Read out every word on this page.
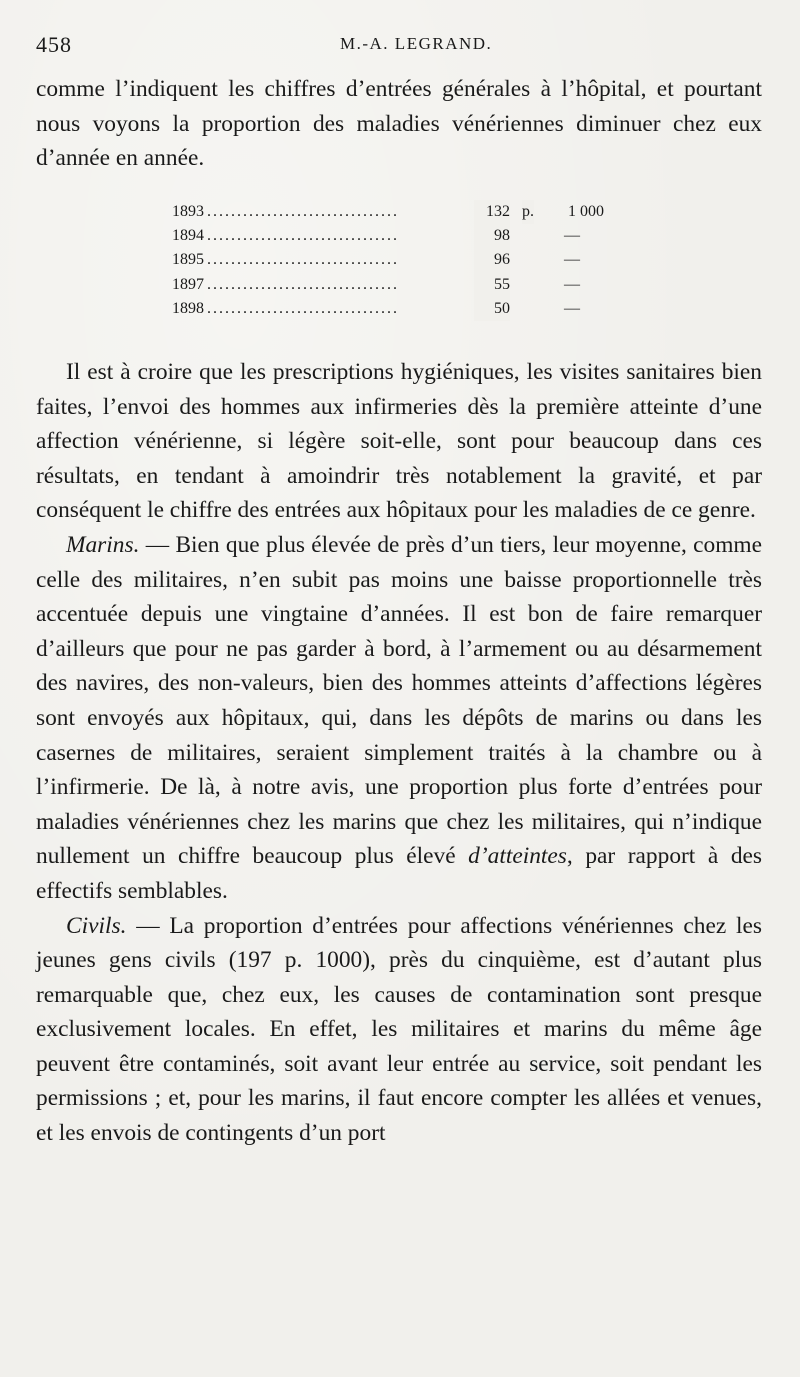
458	M.-A. LEGRAND.

comme l’indiquent les chiffres d’entrées générales à l’hôpital, et pourtant nous voyons la proportion des maladies vénériennes diminuer chez eux d’année en année.

1893 . . .	132 p. 1 000
1894 . . .	98	—
1895 . . .	96	—
1897 . . .	55	—
1898 . . .	50	—

Il est à croire que les prescriptions hygiéniques, les visites sanitaires bien faites, l’envoi des hommes aux infirmeries dès la première atteinte d’une affection vénérienne, si légère soit-elle, sont pour beaucoup dans ces résultats, en tendant à amoindrir très notablement la gravité, et par conséquent le chiffre des entrées aux hôpitaux pour les maladies de ce genre.

Marins. — Bien que plus élevée de près d’un tiers, leur moyenne, comme celle des militaires, n’en subit pas moins une baisse proportionnelle très accentuée depuis une vingtaine d’années. Il est bon de faire remarquer d’ailleurs que pour ne pas garder à bord, à l’armement ou au désarmement des navires, des non-valeurs, bien des hommes atteints d’affections légères sont envoyés aux hôpitaux, qui, dans les dépôts de marins ou dans les casernes de militaires, seraient simplement traités à la chambre ou à l’infirmerie. De là, à notre avis, une proportion plus forte d’entrées pour maladies vénériennes chez les marins que chez les militaires, qui n’indique nullement un chiffre beaucoup plus élevé d’atteintes, par rapport à des effectifs semblables.

Civils. — La proportion d’entrées pour affections vénériennes chez les jeunes gens civils (197 p. 1000), près du cinquième, est d’autant plus remarquable que, chez eux, les causes de contamination sont presque exclusivement locales. En effet, les militaires et marins du même âge peuvent être contaminés, soit avant leur entrée au service, soit pendant les permissions ; et, pour les marins, il faut encore compter les allées et venues, et les envois de contingents d’un port
